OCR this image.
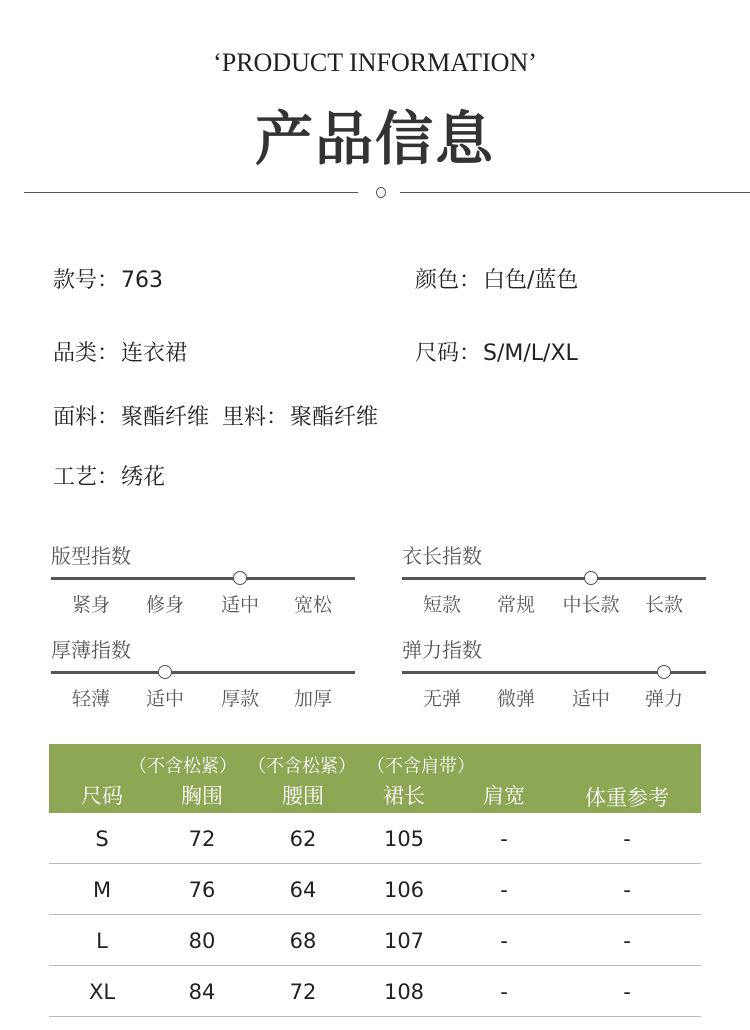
‘PRODUCT INFORMATION’
产品信息
款号：763	颜色：白色/蓝色
品类：连衣裙	尺码：S/M/L/XL
面料：聚酯纤维 里料：聚酯纤维
工艺：绣花
版型指数
紧身	修身	适中	宽松
衣长指数
短款	常规	中长款	长款
厚薄指数
轻薄	适中	厚款	加厚
弹力指数
无弹	微弹	适中	弹力
（不含松紧） （不含松紧） （不含肩带）
尺码	胸围	腰围	裙长	肩宽	体重参考
S	72	62	105	-	-
M	76	64	106	-	-
L	80	68	107	-	-
XL	84	72	108	-	-
